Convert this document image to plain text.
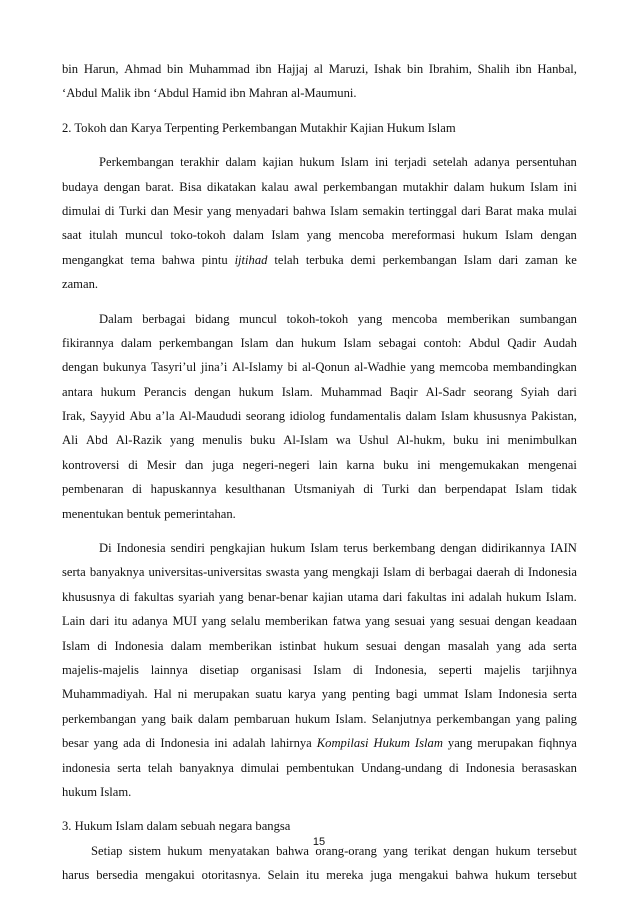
bin Harun, Ahmad bin Muhammad ibn Hajjaj al Maruzi, Ishak bin Ibrahim, Shalih ibn Hanbal,
‘Abdul Malik ibn ‘Abdul Hamid ibn Mahran al-Maumuni.
2. Tokoh dan Karya Terpenting Perkembangan Mutakhir Kajian Hukum Islam
Perkembangan terakhir dalam kajian hukum Islam ini terjadi setelah adanya persentuhan
budaya dengan barat. Bisa dikatakan kalau awal perkembangan mutakhir dalam hukum Islam ini
dimulai di Turki dan Mesir yang menyadari bahwa Islam semakin tertinggal dari Barat maka mulai
saat itulah muncul toko-tokoh dalam Islam yang mencoba mereformasi hukum Islam dengan
mengangkat tema bahwa pintu ijtihad telah terbuka demi perkembangan Islam dari zaman ke
zaman.
Dalam berbagai bidang muncul tokoh-tokoh yang mencoba memberikan sumbangan
fikirannya dalam perkembangan Islam dan hukum Islam sebagai contoh: Abdul Qadir Audah
dengan bukunya Tasyri’ul jina’i Al-Islamy bi al-Qonun al-Wadhie yang memcoba membandingkan
antara hukum Perancis dengan hukum Islam. Muhammad Baqir Al-Sadr seorang Syiah dari
Irak, Sayyid Abu a’la Al-Maududi seorang idiolog fundamentalis dalam Islam khususnya Pakistan,
Ali Abd Al-Razik yang menulis buku Al-Islam wa Ushul Al-hukm, buku ini menimbulkan
kontroversi di Mesir dan juga negeri-negeri lain karna buku ini mengemukakan mengenai
pembenaran di hapuskannya kesulthanan Utsmaniyah di Turki dan berpendapat Islam tidak
menentukan bentuk pemerintahan.
Di Indonesia sendiri pengkajian hukum Islam terus berkembang dengan didirikannya IAIN
serta banyaknya universitas-universitas swasta yang mengkaji Islam di berbagai daerah di Indonesia
khususnya di fakultas syariah yang benar-benar kajian utama dari fakultas ini adalah hukum Islam.
Lain dari itu adanya MUI yang selalu memberikan fatwa yang sesuai yang sesuai dengan keadaan
Islam di Indonesia dalam memberikan istinbat hukum sesuai dengan masalah yang ada serta
majelis-majelis lainnya disetiap organisasi Islam di Indonesia, seperti majelis tarjihnya
Muhammadiyah. Hal ni merupakan suatu karya yang penting bagi ummat Islam Indonesia serta
perkembangan yang baik dalam pembaruan hukum Islam. Selanjutnya perkembangan yang paling
besar yang ada di Indonesia ini adalah lahirnya Kompilasi Hukum Islam yang merupakan fiqhnya
indonesia serta telah banyaknya dimulai pembentukan Undang-undang di Indonesia berasaskan
hukum Islam.
3. Hukum Islam dalam sebuah negara bangsa
Setiap sistem hukum menyatakan bahwa orang-orang yang terikat dengan hukum tersebut
harus bersedia mengakui otoritasnya. Selain itu mereka juga mengakui bahwa hukum tersebut
15
